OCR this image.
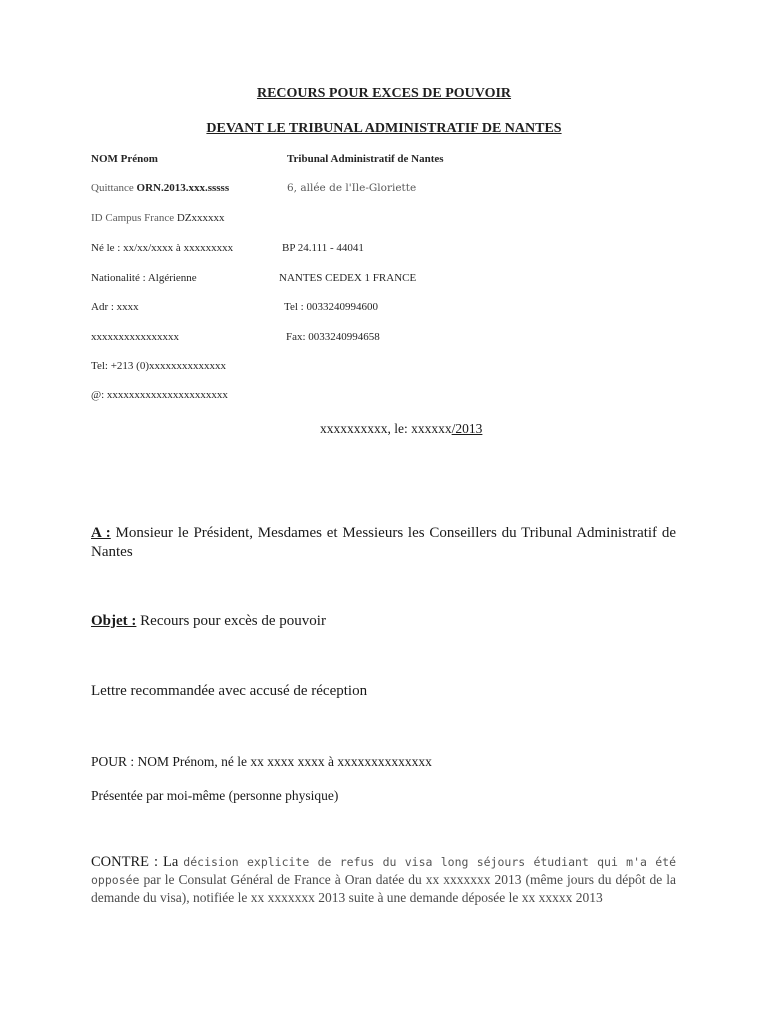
RECOURS POUR EXCES DE POUVOIR
DEVANT LE TRIBUNAL ADMINISTRATIF DE NANTES
NOM Prénom
Quittance ORN.2013.xxx.sssss
ID Campus France DZxxxxxx
Né le : xx/xx/xxxx à xxxxxxxxx
Nationalité : Algérienne
Adr : xxxx
xxxxxxxxxxxxxxxx
Tel: +213 (0)xxxxxxxxxxxxxx
@: xxxxxxxxxxxxxxxxxxxxxx
Tribunal Administratif de Nantes
6, allée de l'Ile-Gloriette
BP 24.111 - 44041
NANTES CEDEX 1 FRANCE
Tel : 0033240994600
Fax: 0033240994658
xxxxxxxxxx, le: xxxxxx/2013
A : Monsieur le Président, Mesdames et Messieurs les Conseillers du Tribunal Administratif de Nantes
Objet : Recours pour excès de pouvoir
Lettre recommandée avec accusé de réception
POUR : NOM Prénom, né le xx xxxx xxxx à xxxxxxxxxxxxxx
Présentée par moi-même (personne physique)
CONTRE : La décision explicite de refus du visa long séjours étudiant qui m'a été opposée par le Consulat Général de France à Oran datée du xx xxxxxxx 2013 (même jours du dépôt de la demande du visa), notifiée le xx xxxxxxx 2013 suite à une demande déposée le xx xxxxx 2013
